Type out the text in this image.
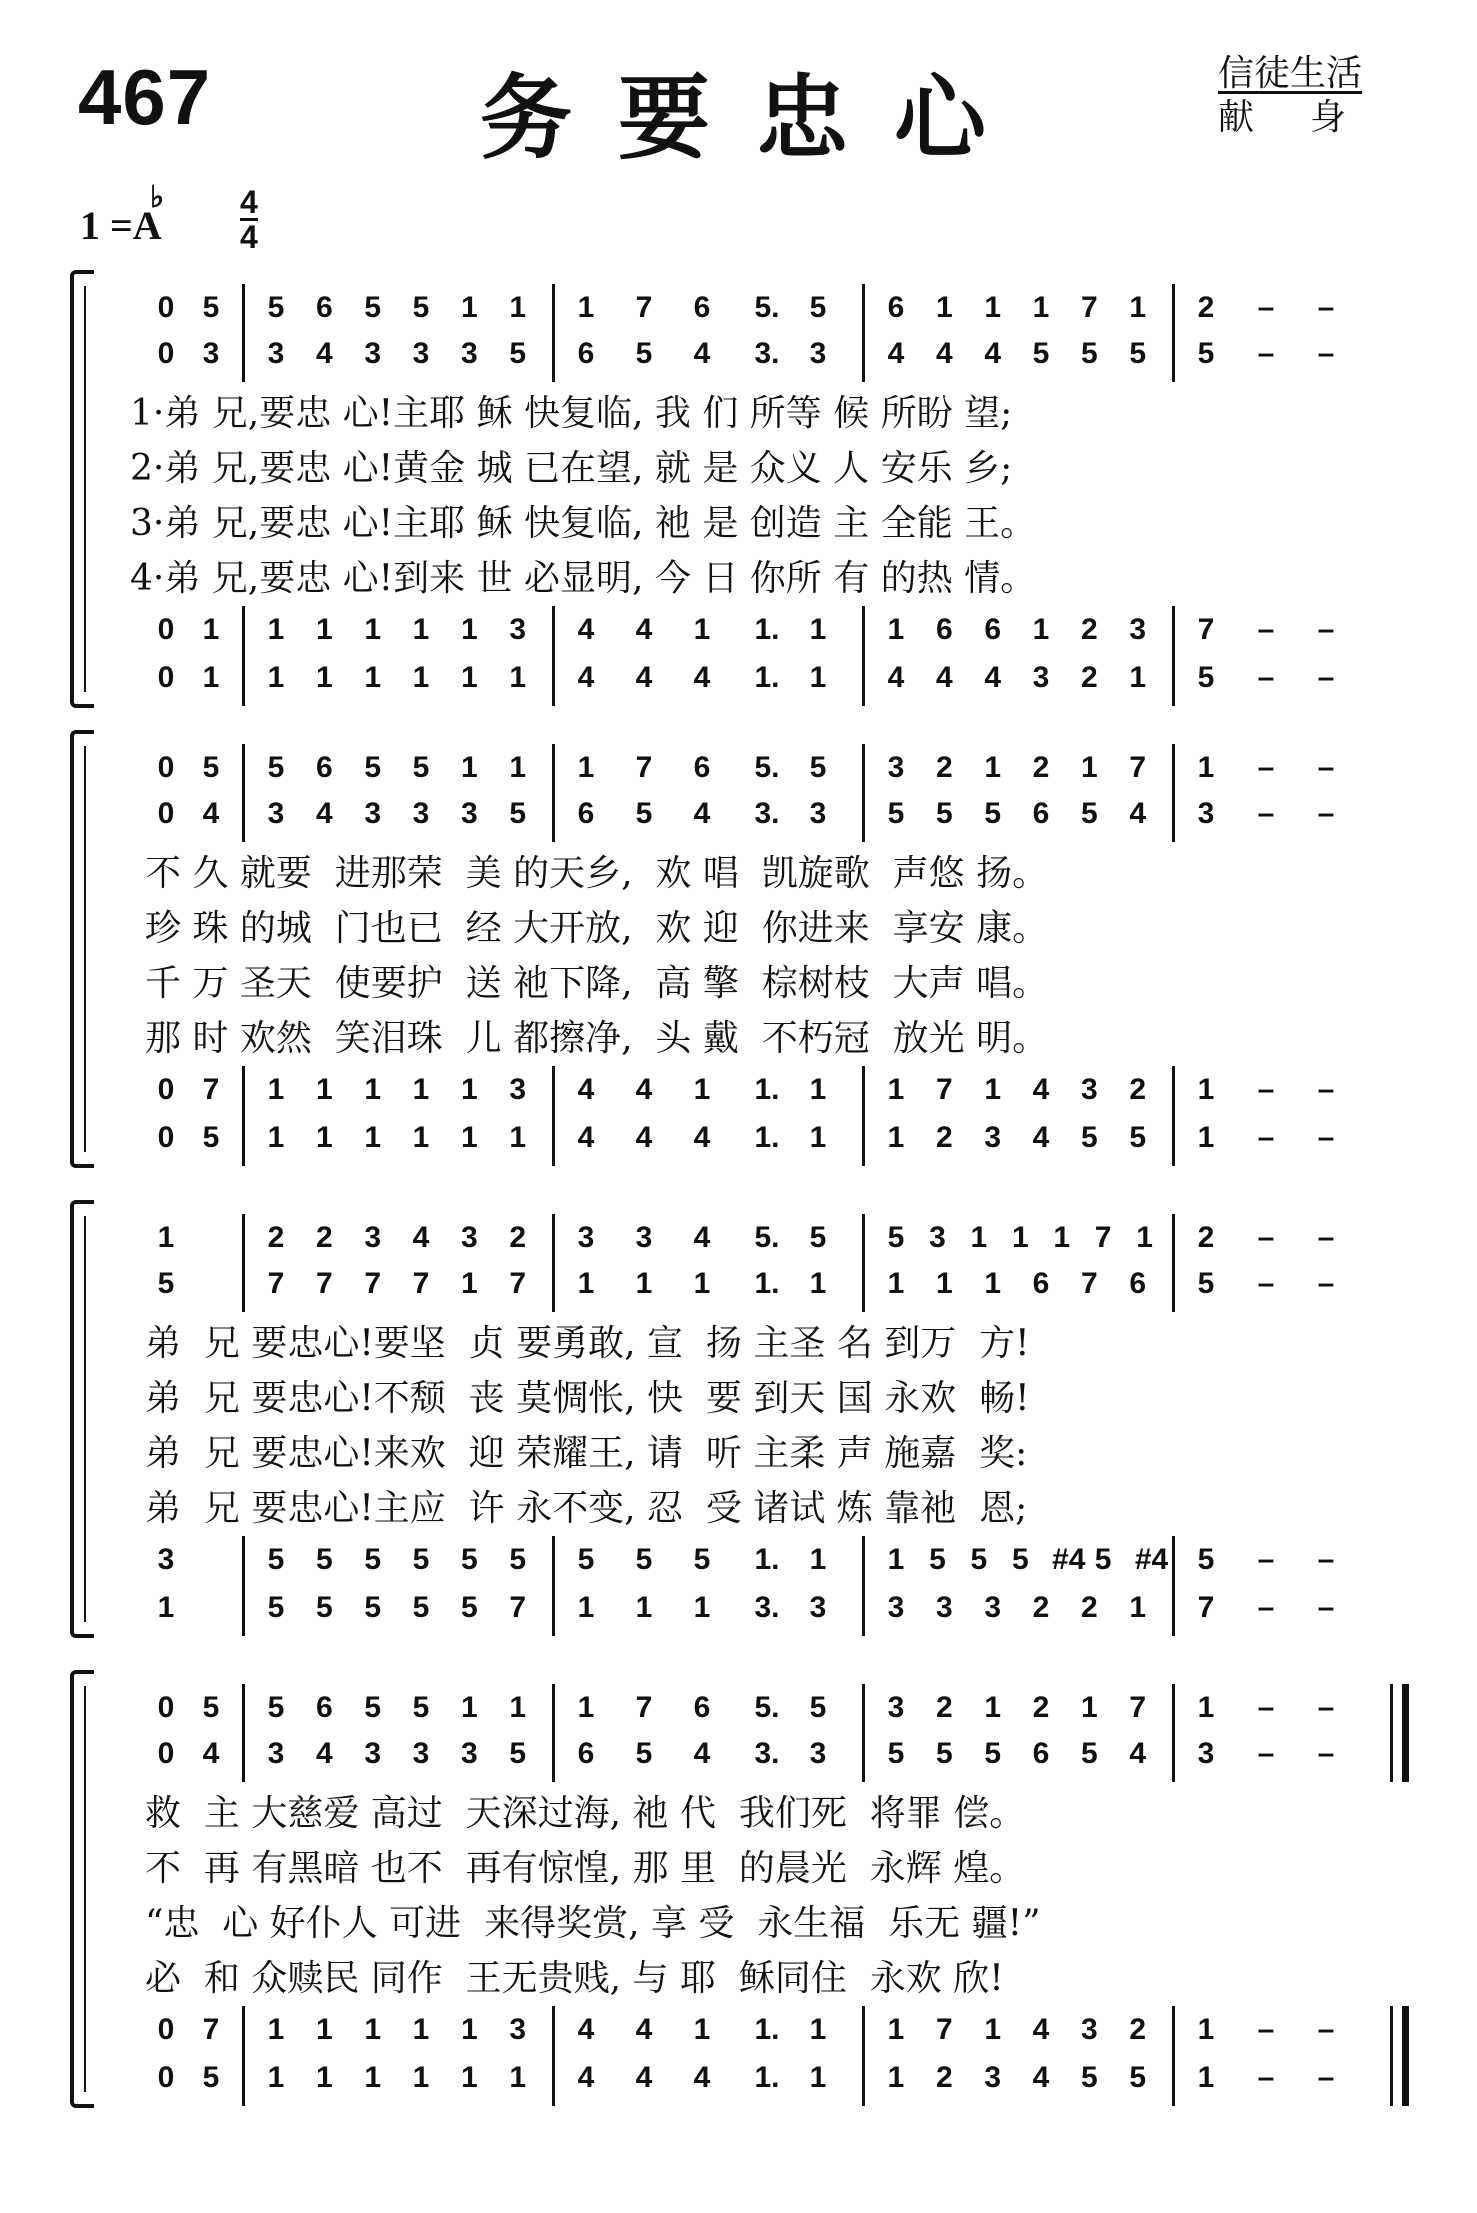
467	务要忠心	信徒生活
献身
1 =A
♭ 4
4
0 5 5 6 5 5 1 1 1 7 6	5.	5 6 1 1 1 7 1 2 – –
0 3 3 4 3 3 3 5 6 5 4	3.	3 4 4 4 5 5 5 5 – –
0 1 1 1 1 1 1 3 4 4 1	1.	1 1 6 6 1 2 3 7 – –
0 1 1 1 1 1 1 1 4 4 4	1.	1 4 4 4 3 2 1 5 – –
1·弟 兄,要忠 心!主耶 稣 快复临, 我 们 所等 候 所盼 望;
2·弟 兄,要忠 心!黄金 城 已在望, 就 是 众义 人 安乐 乡;
3·弟 兄,要忠 心!主耶 稣 快复临, 祂 是 创造 主 全能 王。
4·弟 兄,要忠 心!到来 世 必显明, 今 日 你所 有 的热 情。
0 5 5 6 5 5 1 1 1 7 6	5.	5 3 2 1 2 1 7 1 – –
0 4 3 4 3 3 3 5 6 5 4	3.	3 5 5 5 6 5 4 3 – –
0 7 1 1 1 1 1 3 4 4 1	1.	1 1 7 1 4 3 2 1 – –
0 5 1 1 1 1 1 1 4 4 4	1.	1 1 2 3 4 5 5 1 – –
不 久 就要  进那荣  美 的天乡,  欢 唱  凯旋歌  声悠 扬。
珍 珠 的城  门也已  经 大开放,  欢 迎  你进来  享安 康。
千 万 圣天  使要护  送 祂下降,  高 擎  棕树枝  大声 唱。
那 时 欢然  笑泪珠  儿 都擦净,  头 戴  不朽冠  放光 明。
1	2 2 3 4 3 2 3 3 4	5.	5 5 3 1 1 1 7 1 2 – –
5	7 7 7 7 1 7 1 1 1	1.	1 1 1 1 6 7 6 5 – –
3	5 5 5 5 5 5 5 5 5	1.	1 1 5 5 5 #4 5 #4 5 – –
1	5 5 5 5 5 7 1 1 1	3.	3 3 3 3 2 2 1 7 – –
弟  兄 要忠心!要坚  贞 要勇敢, 宣  扬 主圣 名 到万  方!
弟  兄 要忠心!不颓  丧 莫惆怅, 快  要 到天 国 永欢  畅!
弟  兄 要忠心!来欢  迎 荣耀王, 请  听 主柔 声 施嘉  奖:
弟  兄 要忠心!主应  许 永不变, 忍  受 诸试 炼 靠祂  恩;
0 5 5 6 5 5 1 1 1 7 6	5.	5 3 2 1 2 1 7 1 – –
0 4 3 4 3 3 3 5 6 5 4	3.	3 5 5 5 6 5 4 3 – –
0 7 1 1 1 1 1 3 4 4 1	1.	1 1 7 1 4 3 2 1 – –
0 5 1 1 1 1 1 1 4 4 4	1.	1 1 2 3 4 5 5 1 – –
救  主 大慈爱 高过  天深过海, 祂 代  我们死  将罪 偿。
不  再 有黑暗 也不  再有惊惶, 那 里  的晨光  永辉 煌。
“忠  心 好仆人 可进  来得奖赏, 享 受  永生福  乐无 疆!”
必  和 众赎民 同作  王无贵贱, 与 耶  稣同住  永欢 欣!
